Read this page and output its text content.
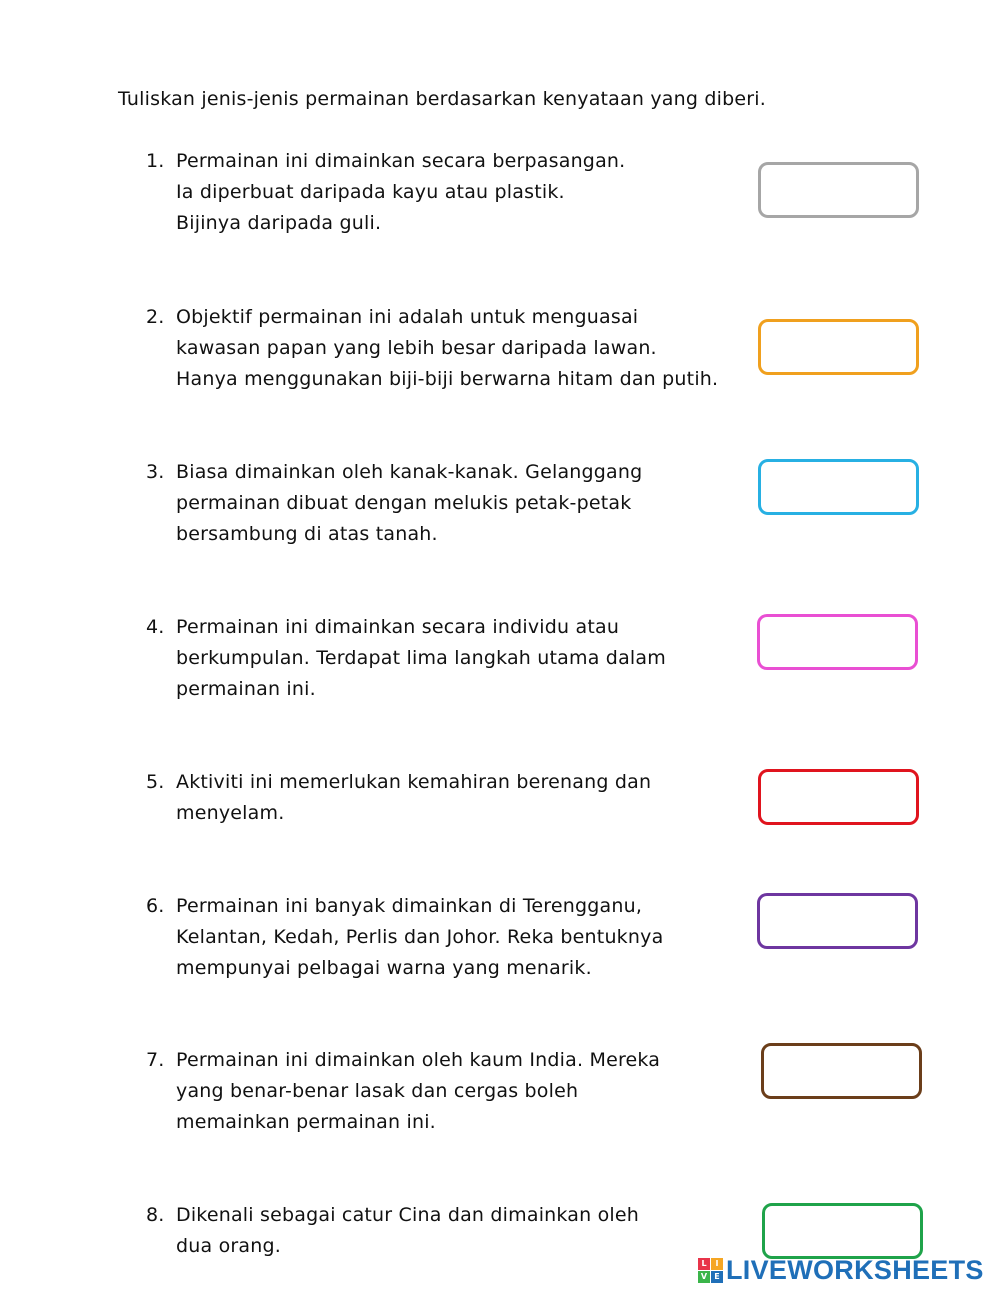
Tuliskan jenis-jenis permainan berdasarkan kenyataan yang diberi.
1. Permainan ini dimainkan secara berpasangan.
Ia diperbuat daripada kayu atau plastik.
Bijinya daripada guli.
2. Objektif permainan ini adalah untuk menguasai
kawasan papan yang lebih besar daripada lawan.
Hanya menggunakan biji-biji berwarna hitam dan putih.
3. Biasa dimainkan oleh kanak-kanak. Gelanggang
permainan dibuat dengan melukis petak-petak
bersambung di atas tanah.
4. Permainan ini dimainkan secara individu atau
berkumpulan. Terdapat lima langkah utama dalam
permainan ini.
5. Aktiviti ini memerlukan kemahiran berenang dan
menyelam.
6. Permainan ini banyak dimainkan di Terengganu,
Kelantan, Kedah, Perlis dan Johor. Reka bentuknya
mempunyai pelbagai warna yang menarik.
7. Permainan ini dimainkan oleh kaum India. Mereka
yang benar-benar lasak dan cergas boleh
memainkan permainan ini.
8. Dikenali sebagai catur Cina dan dimainkan oleh
dua orang.
L	I
V E LIVEWORKSHEETS
